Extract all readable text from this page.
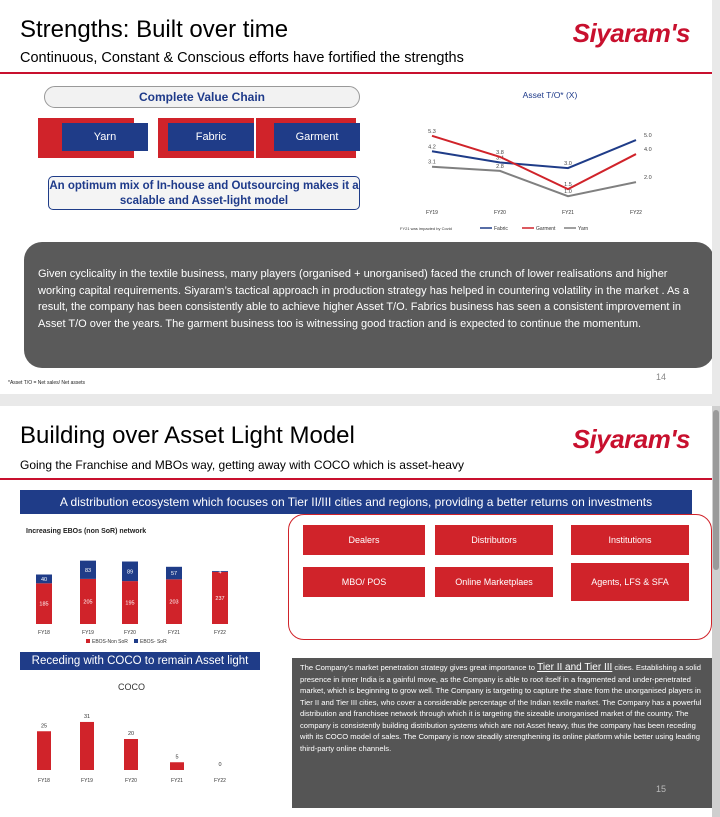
Strengths: Built over time
Continuous, Constant & Conscious efforts have fortified the strengths
Siyaram's
Complete Value Chain
Yarn	Fabric	Garment
An optimum mix of In-house and Outsourcing makes it a scalable and Asset-light model
Asset T/O* (X)
4.2
3.4
3.0
5.0
5.3
3.8
1.5
4.0
3.1
2.8
1.0
2.0
FY19	FY20	FY21	FY22
FY21 was impacted by Covid	Fabric	Garment	Yarn
Given cyclicality in the textile business, many players (organised + unorganised) faced the crunch of lower realisations and higher working capital requirements. Siyaram’s tactical approach in production strategy has helped in countering volatility in the market . As a result, the company has been consistently able to achieve higher Asset T/O. Fabrics business has seen a consistent improvement in Asset T/O over the years. The garment business too is witnessing good traction and is expected to continue the momentum.
*Asset T/O = Net sales/ Net assets
14
Building over Asset Light Model
Going the Franchise and MBOs way, getting away with COCO which is asset-heavy
Siyaram's
A distribution ecosystem which focuses on Tier II/III cities and regions, providing a better returns on investments
Increasing EBOs (non SoR) network
185
40
FY18
205
83
FY19
195
89
FY20
203
57
FY21
237
4
FY22
EBOS-Non SoR EBOS- SoR
Dealers	Distributors	Institutions
MBO/ POS	Online Marketplaes	Agents, LFS & SFA
Receding with COCO to remain Asset light
25
FY18
31
FY19
20
FY20
5
FY21
0
FY22
The Company’s market penetration strategy gives great importance to Tier II and Tier III cities. Establishing a solid presence in inner India is a gainful move, as the Company is able to root itself in a fragmented and under-penetrated market, which is beginning to grow well. The Company is targeting to capture the share from the unorganised players in Tier II and Tier III cities, who cover a considerable percentage of the Indian textile market. The Company has a powerful distribution and franchisee network through which it is targeting the sizeable unorganised market of the country. The company is consistently building distribution systems which are not Asset heavy, thus the company has been receding with its COCO model of sales. The Company is now steadily strengthening its online platform while better using leading third-party online channels.
15
COCO
